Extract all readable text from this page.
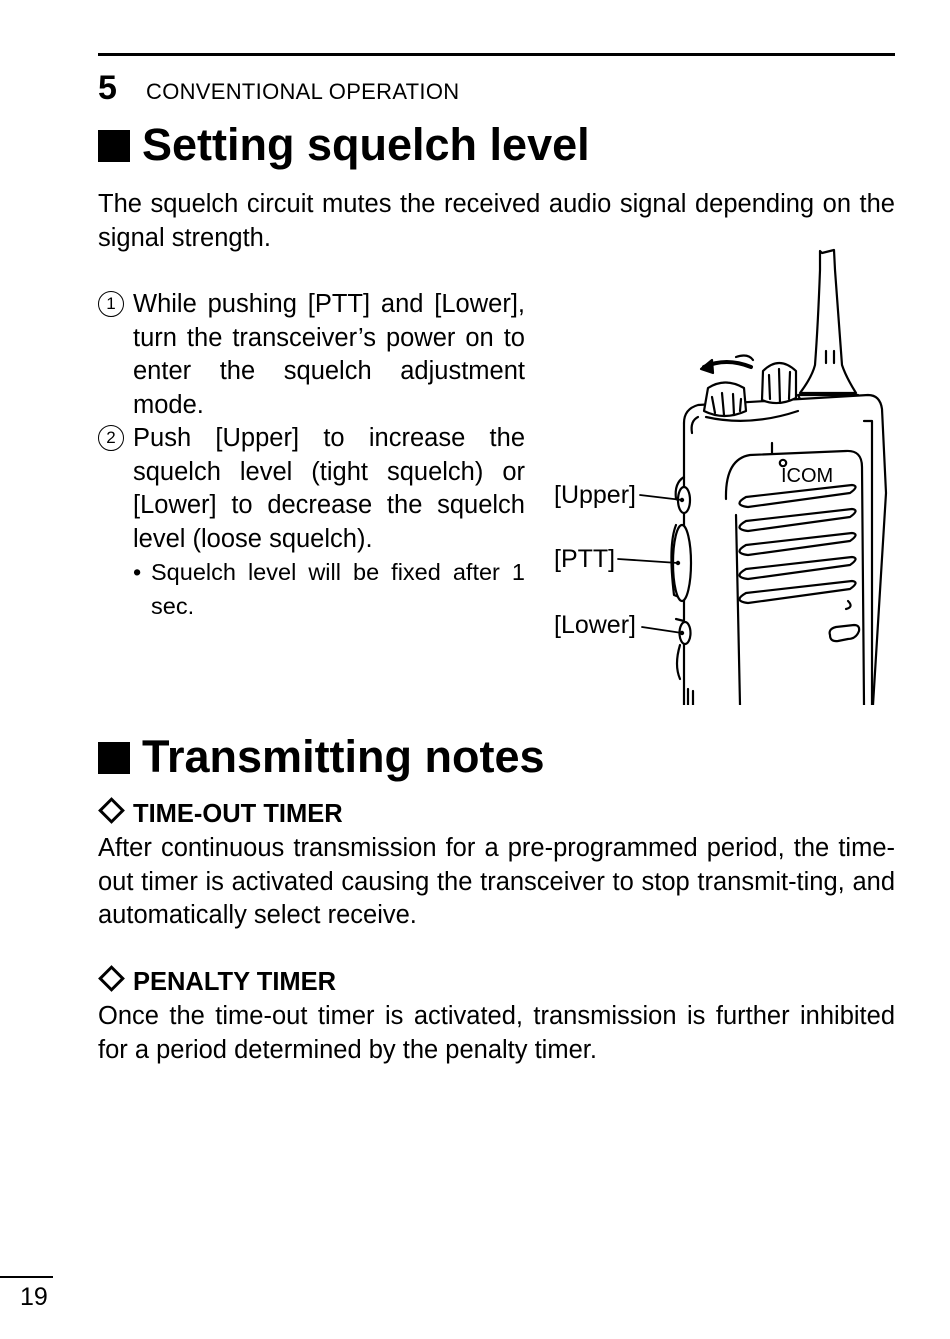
5 CONVENTIONAL OPERATION
Setting squelch level
The squelch circuit mutes the received audio signal depending on the signal strength.
1 While pushing [PTT] and [Lower], turn the transceiver’s power on to enter the squelch adjustment mode.
2 Push [Upper] to increase the squelch level (tight squelch) or [Lower] to decrease the squelch level (loose squelch).
• Squelch level will be fixed after 1 sec.
ICOM
[Upper]
[PTT]
[Lower]
Transmitting notes
TIME-OUT TIMER
After continuous transmission for a pre-programmed period, the time-out timer is activated causing the transceiver to stop transmit-ting, and automatically select receive.
PENALTY TIMER
Once the time-out timer is activated, transmission is further inhibited for a period determined by the penalty timer.
19
